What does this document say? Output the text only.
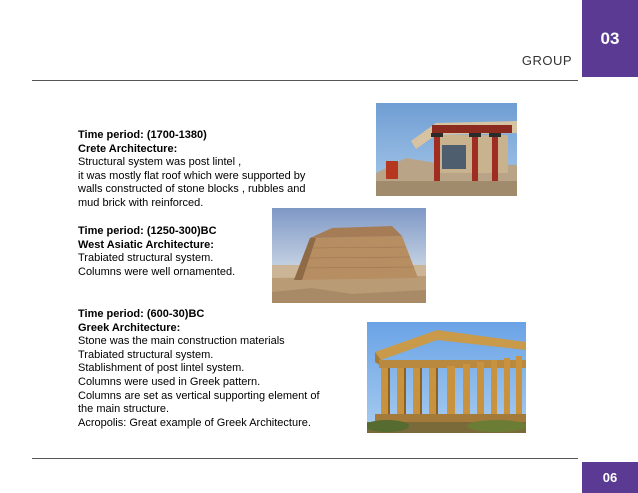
03
GROUP
Time period: (1700-1380)
Crete Architecture:
Structural system was post lintel ,
it was mostly flat roof which were supported by
walls constructed of stone blocks , rubbles and
mud brick with reinforced.
Time period: (1250-300)BC
West Asiatic Architecture:
Trabiated structural system.
Columns were well ornamented.
Time period: (600-30)BC
Greek Architecture:
Stone was the main construction materials
Trabiated structural system.
Stablishment of post lintel system.
Columns were used in Greek pattern.
Columns are set as vertical supporting element of
the main structure.
Acropolis: Great example of Greek Architecture.
06
